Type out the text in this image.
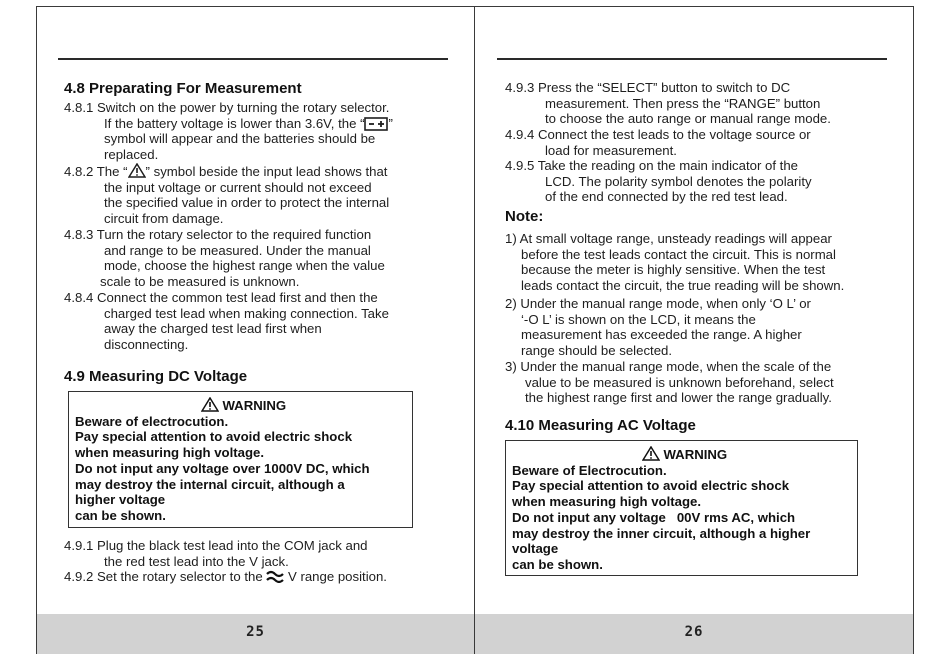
4.8 Preparating For Measurement
4.8.1 Switch on the power by turning the rotary selector.
If the battery voltage is lower than 3.6V, the “ ”
symbol will appear and the batteries should be
replaced.
4.8.2 The “ ” symbol beside the input lead shows that
the input voltage or current should not exceed
the specified value in order to protect the internal
circuit from damage.
4.8.3 Turn the rotary selector to the required function
and range to be measured. Under the manual
mode, choose the highest range when the value
scale to be measured is unknown.
4.8.4 Connect the common test lead first and then the
charged test lead when making connection. Take
away the charged test lead first when
disconnecting.
4.9 Measuring DC Voltage
WARNING
Beware of electrocution.
Pay special attention to avoid electric shock
when measuring high voltage.
Do not input any voltage over 1000V DC, which
may destroy the internal circuit, although a
higher voltage
can be shown.
4.9.1 Plug the black test lead into the COM jack and
the red test lead into the V jack.
4.9.2 Set the rotary selector to the  V range position.
25
4.9.3 Press the “SELECT” button to switch to DC
measurement. Then press the “RANGE” button
to choose the auto range or manual range mode.
4.9.4 Connect the test leads to the voltage source or
load for measurement.
4.9.5 Take the reading on the main indicator of the
LCD. The polarity symbol denotes the polarity
of the end connected by the red test lead.
Note:
1) At small voltage range, unsteady readings will appear
before the test leads contact the circuit. This is normal
because the meter is highly sensitive. When the test
leads contact the circuit, the true reading will be shown.
2) Under the manual range mode, when only ‘O L’ or
‘-O L’ is shown on the LCD, it means the
measurement has exceeded the range. A higher
range should be selected.
3) Under the manual range mode, when the scale of the
value to be measured is unknown beforehand, select
the highest range first and lower the range gradually.
4.10 Measuring AC Voltage
WARNING
Beware of Electrocution.
Pay special attention to avoid electric shock
when measuring high voltage.
Do not input any voltage   00V rms AC, which
may destroy the inner circuit, although a higher
voltage
can be shown.
26
